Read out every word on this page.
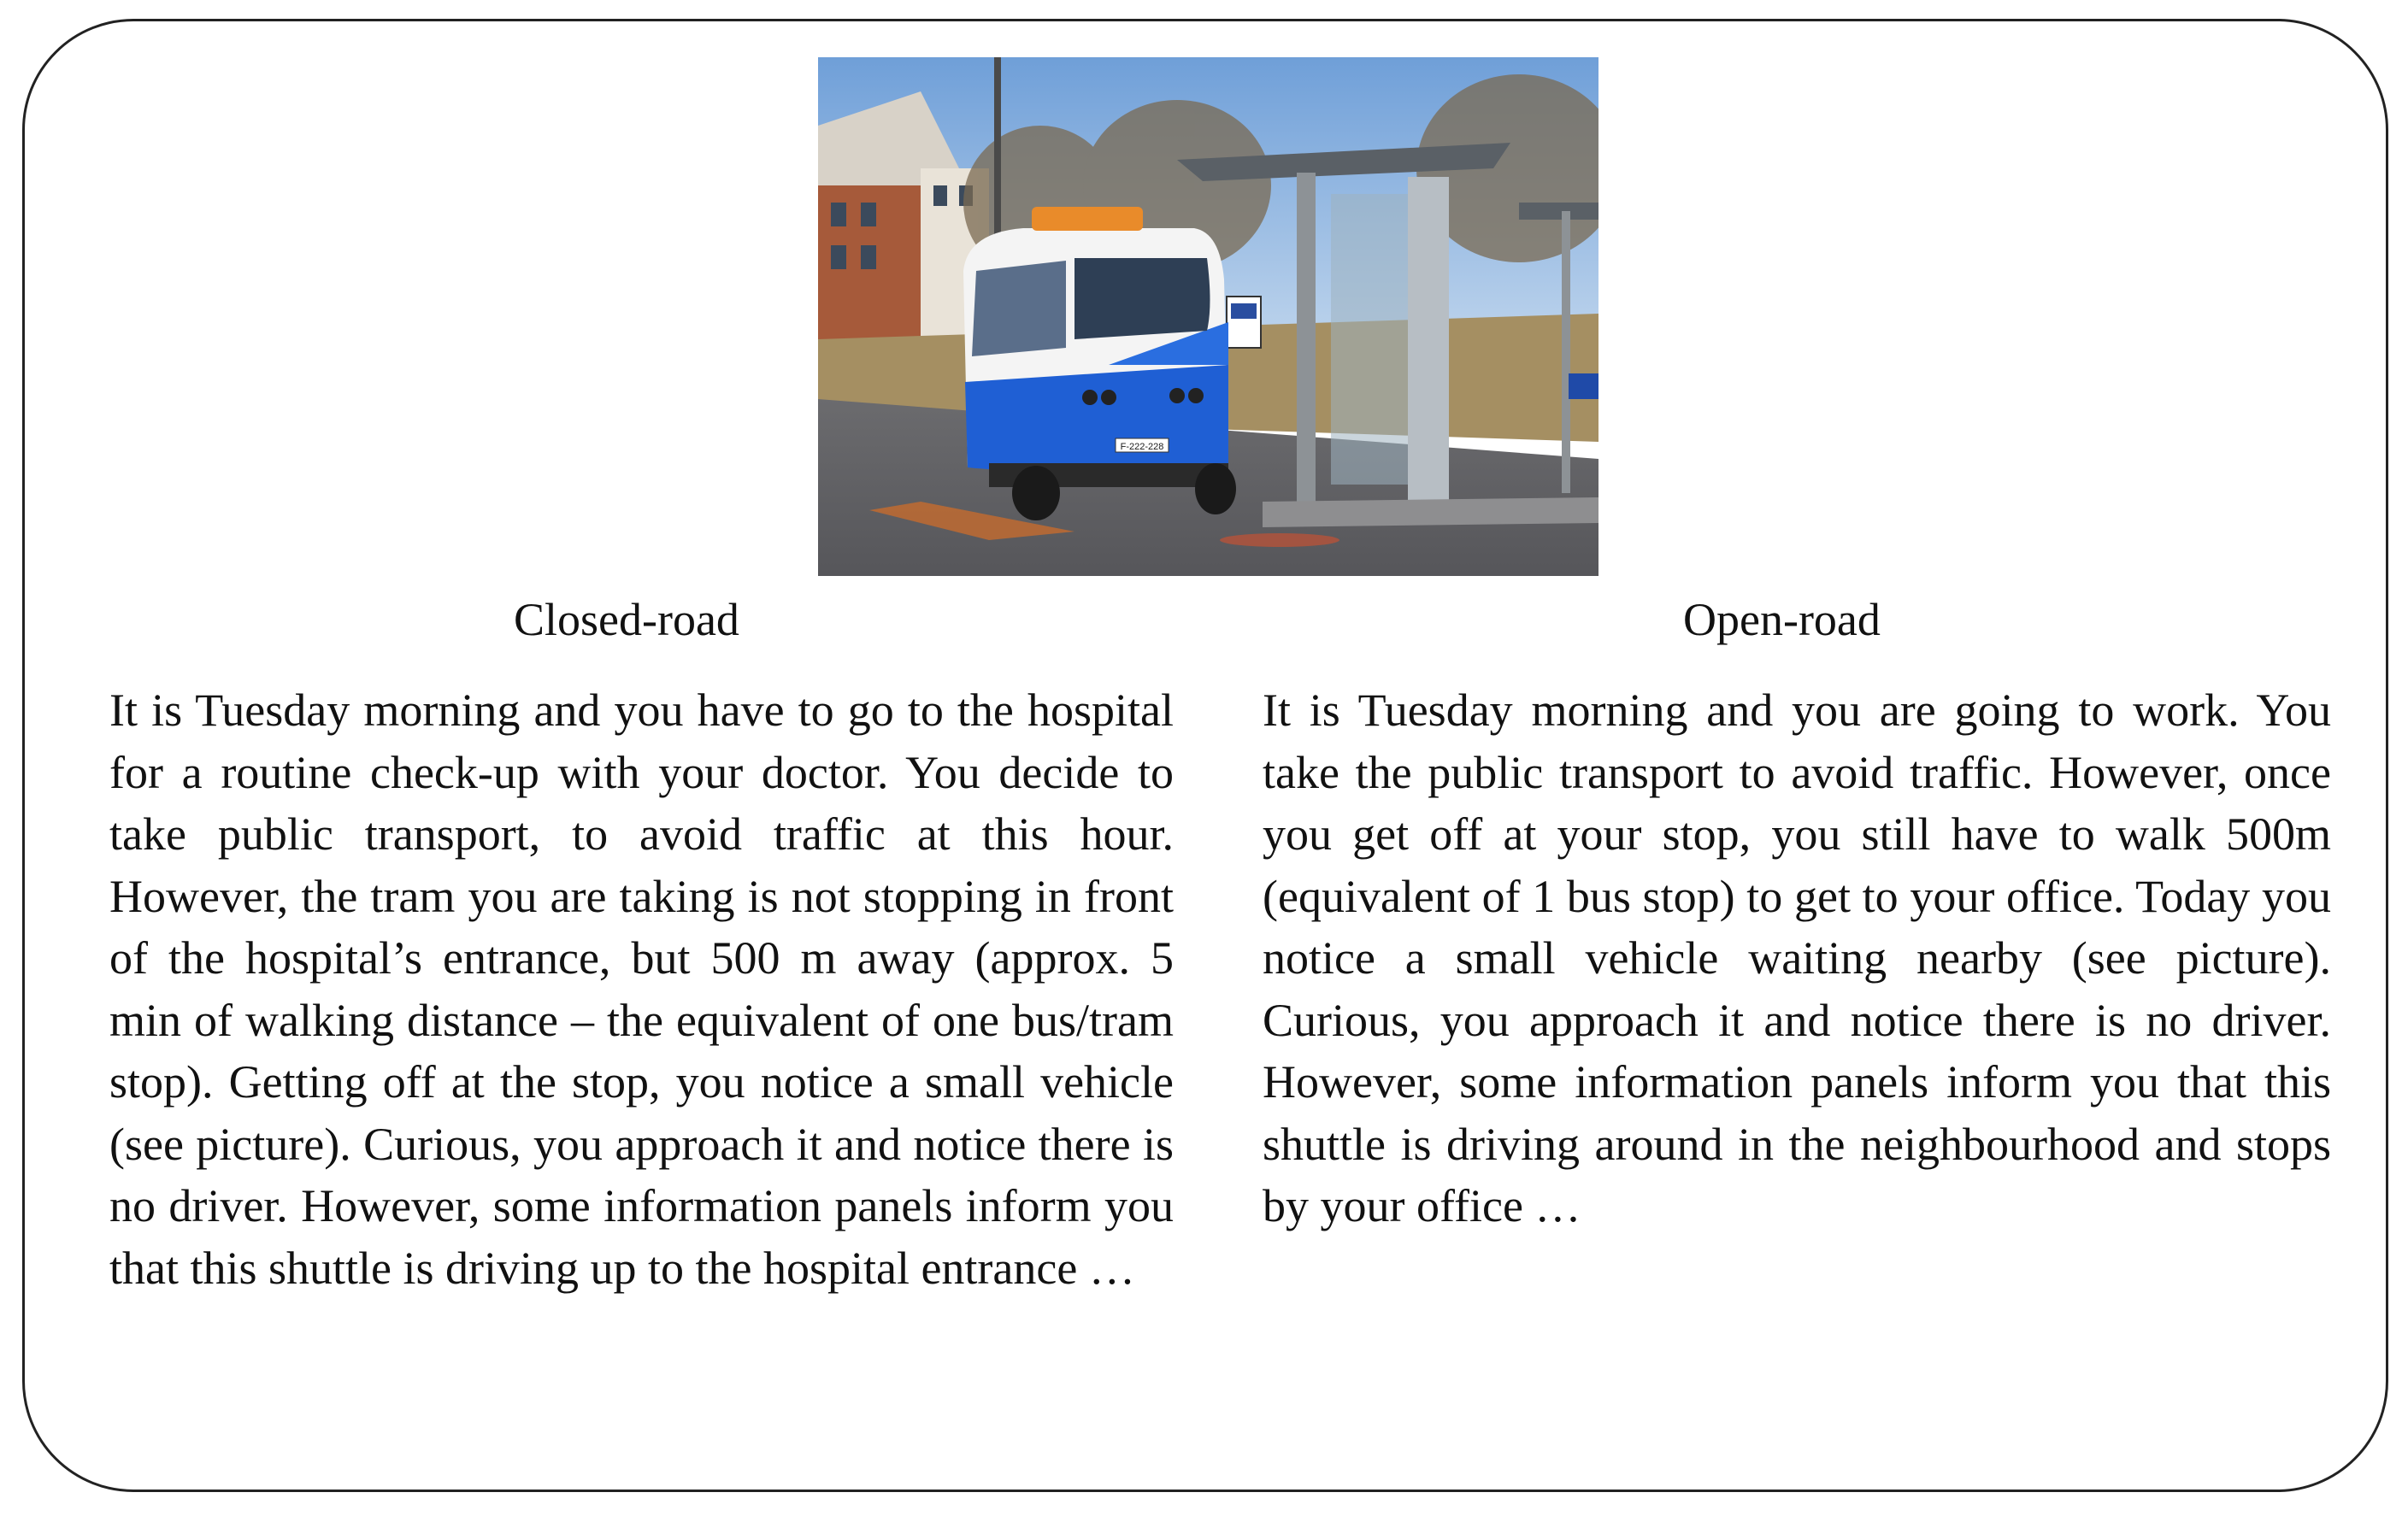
F-222-228
Closed-road	Open-road

It is Tuesday morning and you have to go to the hospital for a routine check-up with your doctor. You decide to take public transport, to avoid traffic at this hour. However, the tram you are taking is not stopping in front of the hospital’s entrance, but 500 m away (approx. 5 min of walking distance – the equivalent of one bus/tram stop). Getting off at the stop, you notice a small vehicle (see picture). Curious, you approach it and notice there is no driver. However, some information panels inform you that this shuttle is driving up to the hospital entrance …

It is Tuesday morning and you are going to work. You take the public transport to avoid traffic. However, once you get off at your stop, you still have to walk 500m (equivalent of 1 bus stop) to get to your office. Today you notice a small vehicle waiting nearby (see picture). Curious, you approach it and notice there is no driver. However, some information panels inform you that this shuttle is driving around in the neighbourhood and stops by your office …
